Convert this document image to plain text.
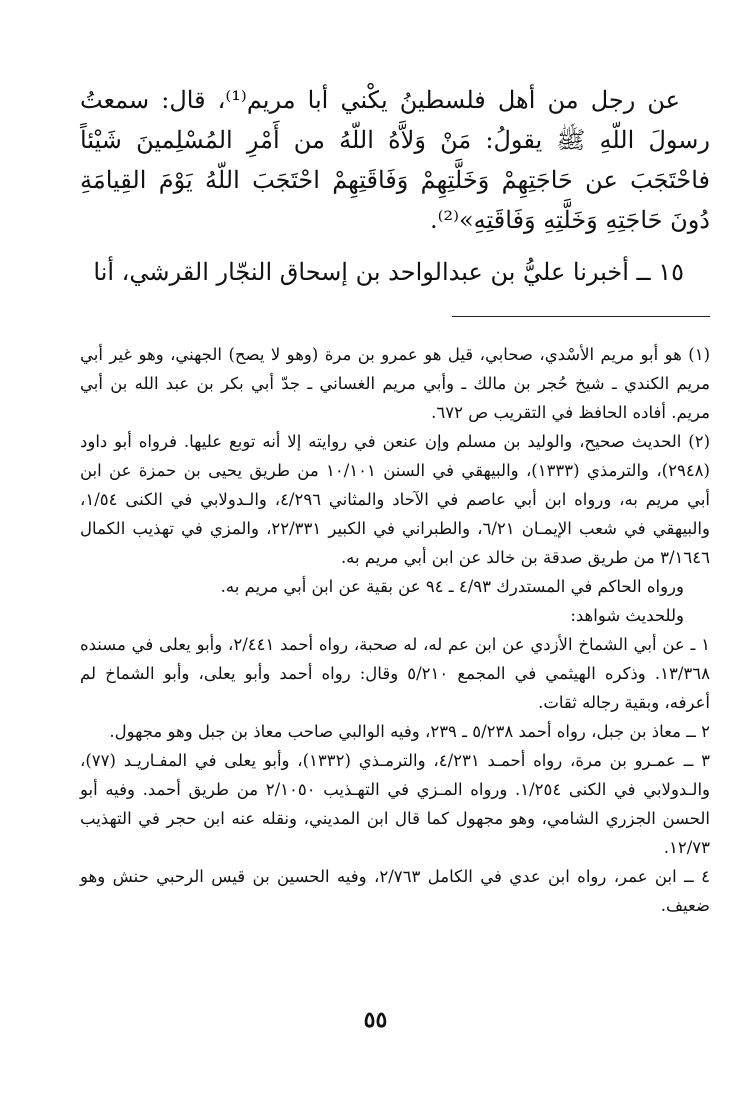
عن رجل من أهل فلسطينُ يكْني أبا مريم⁽¹⁾، قال: سمعتُ رسولَ اللّهِ ﷺ يقولُ: مَنْ وَلاَّهُ اللّهُ من أَمْرِ المُسْلِمينَ شَيْئاً فاحْتَجَبَ عن حَاجَتِهِمْ وَخَلَّتِهِمْ وَفَاقَتِهِمْ احْتَجَبَ اللّهُ يَوْمَ القِيامَةِ دُونَ حَاجَتِهِ وَخَلَّتِهِ وَفَاقَتِهِ»⁽²⁾.

١٥ ــ أخبرنا عليُّ بن عبدالواحد بن إسحاق النجّار القرشي، أنا

(١) هو أبو مريم الأسْدي، صحابي، قيل هو عمرو بن مرة (وهو لا يصح) الجهني، وهو غير أبي مريم الكندي ـ شيخ حُجر بن مالك ـ وأبي مريم الغساني ـ جدّ أبي بكر بن عبد الله بن أبي مريم. أفاده الحافظ في التقريب ص ٦٧٢.

(٢) الحديث صحيح، والوليد بن مسلم وإن عنعن في روايته إلا أنه توبع عليها. فرواه أبو داود (٢٩٤٨)، والترمذي (١٣٣٣)، والبيهقي في السنن ١٠/١٠١ من طريق يحيى بن حمزة عن ابن أبي مريم به، ورواه ابن أبي عاصم في الآحاد والمثاني ٤/٢٩٦، والـدولابي في الكنى ١/٥٤، والبيهقي في شعب الإيمـان ٦/٢١، والطبراني في الكبير ٢٢/٣٣١، والمزي في تهذيب الكمال ٣/١٦٤٦ من طريق صدقة بن خالد عن ابن أبي مريم به.

ورواه الحاكم في المستدرك ٤/٩٣ ـ ٩٤ عن بقية عن ابن أبي مريم به.

وللحديث شواهد:

١ ـ عن أبي الشماخ الأزدي عن ابن عم له، له صحبة، رواه أحمد ٢/٤٤١، وأبو يعلى في مسنده ١٣/٣٦٨. وذكره الهيثمي في المجمع ٥/٢١٠ وقال: رواه أحمد وأبو يعلى، وأبو الشماخ لم أعرفه، وبقية رجاله ثقات.

٢ ــ معاذ بن جبل، رواه أحمد ٥/٢٣٨ ـ ٢٣٩، وفيه الوالبي صاحب معاذ بن جبل وهو مجهول.

٣ ــ عمـرو بن مرة، رواه أحمـد ٤/٢٣١، والترمـذي (١٣٣٢)، وأبو يعلى في المفـاريـد (٧٧)، والـدولابي في الكنى ١/٢٥٤. ورواه المـزي في التهـذيب ٢/١٠٥٠ من طريق أحمد. وفيه أبو الحسن الجزري الشامي، وهو مجهول كما قال ابن المديني، ونقله عنه ابن حجر في التهذيب ١٢/٧٣.

٤ ــ ابن عمر، رواه ابن عدي في الكامل ٢/٧٦٣، وفيه الحسين بن قيس الرحبي حنش وهو ضعيف.

٥٥
